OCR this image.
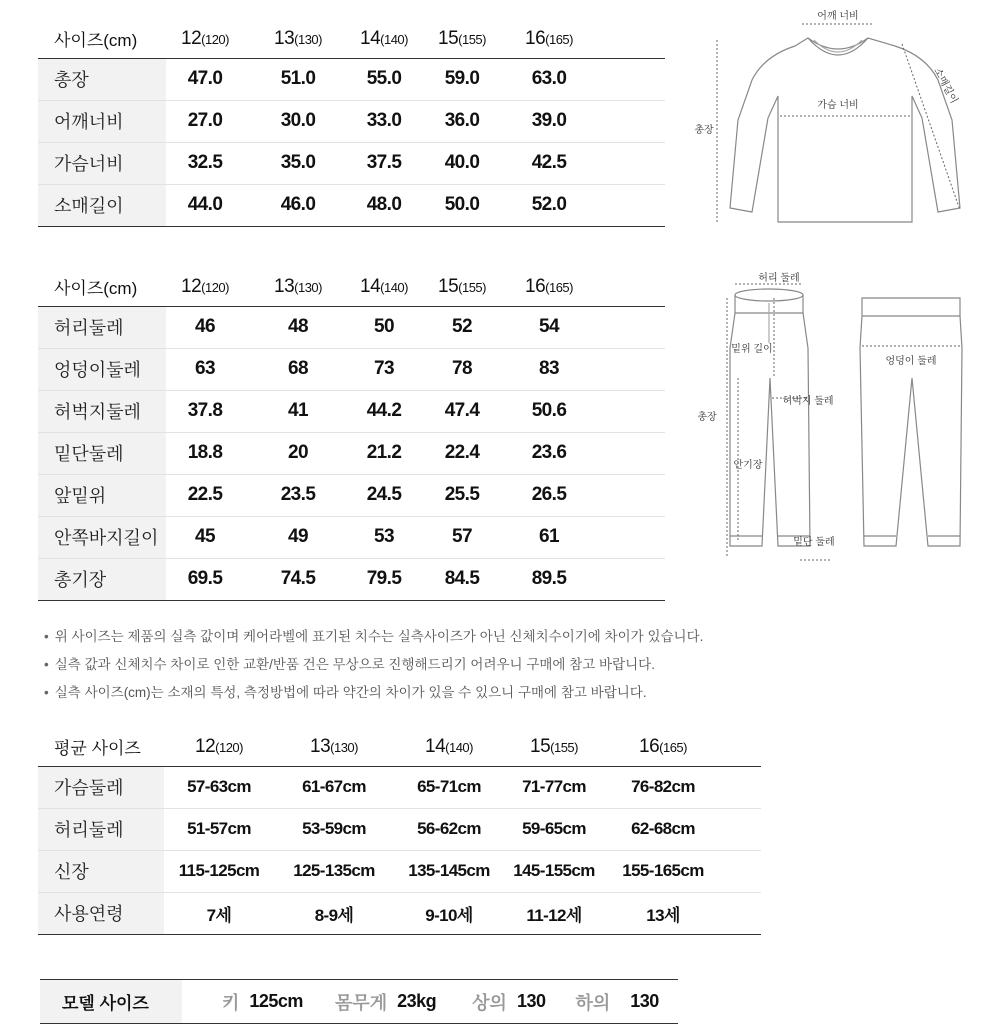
사이즈(cm)	12(120)	13(130)	14(140)	15(155)	16(165)	
총장	47.0	51.0	55.0	59.0	63.0	
어깨너비	27.0	30.0	33.0	36.0	39.0	
가슴너비	32.5	35.0	37.5	40.0	42.5	
소매길이	44.0	46.0	48.0	50.0	52.0	
어깨 너비
가슴 너비	소매길이
총장
사이즈(cm)	12(120)	13(130)	14(140)	15(155)	16(165)	
허리둘레	46	48	50	52	54	
엉덩이둘레	63	68	73	78	83	
허벅지둘레	37.8	41	44.2	47.4	50.6	
밑단둘레	18.8	20	21.2	22.4	23.6	
앞밑위	22.5	23.5	24.5	25.5	26.5	
안쪽바지길이	45	49	53	57	61	
총기장	69.5	74.5	79.5	84.5	89.5	
허리 둘레
밑위 길이
허벅지 둘레
안기장
밑단 둘레
총장
엉덩이 둘레
• 위 사이즈는 제품의 실측 값이며 케어라벨에 표기된 치수는 실측사이즈가 아닌 신체치수이기에 차이가 있습니다.
• 실측 값과 신체치수 차이로 인한 교환/반품 건은 무상으로 진행해드리기 어려우니 구매에 참고 바랍니다.
• 실측 사이즈(cm)는 소재의 특성, 측정방법에 따라 약간의 차이가 있을 수 있으니 구매에 참고 바랍니다.
평균 사이즈	12(120)	13(130)	14(140)	15(155)	16(165)	
가슴둘레	57-63cm	61-67cm	65-71cm	71-77cm	76-82cm	
허리둘레	51-57cm	53-59cm	56-62cm	59-65cm	62-68cm	
신장	115-125cm	125-135cm	135-145cm	145-155cm	155-165cm	
사용연령	7세	8-9세	9-10세	11-12세	13세	
모델 사이즈	키 125cm 몸무게 23kg 상의 130 하의 130
